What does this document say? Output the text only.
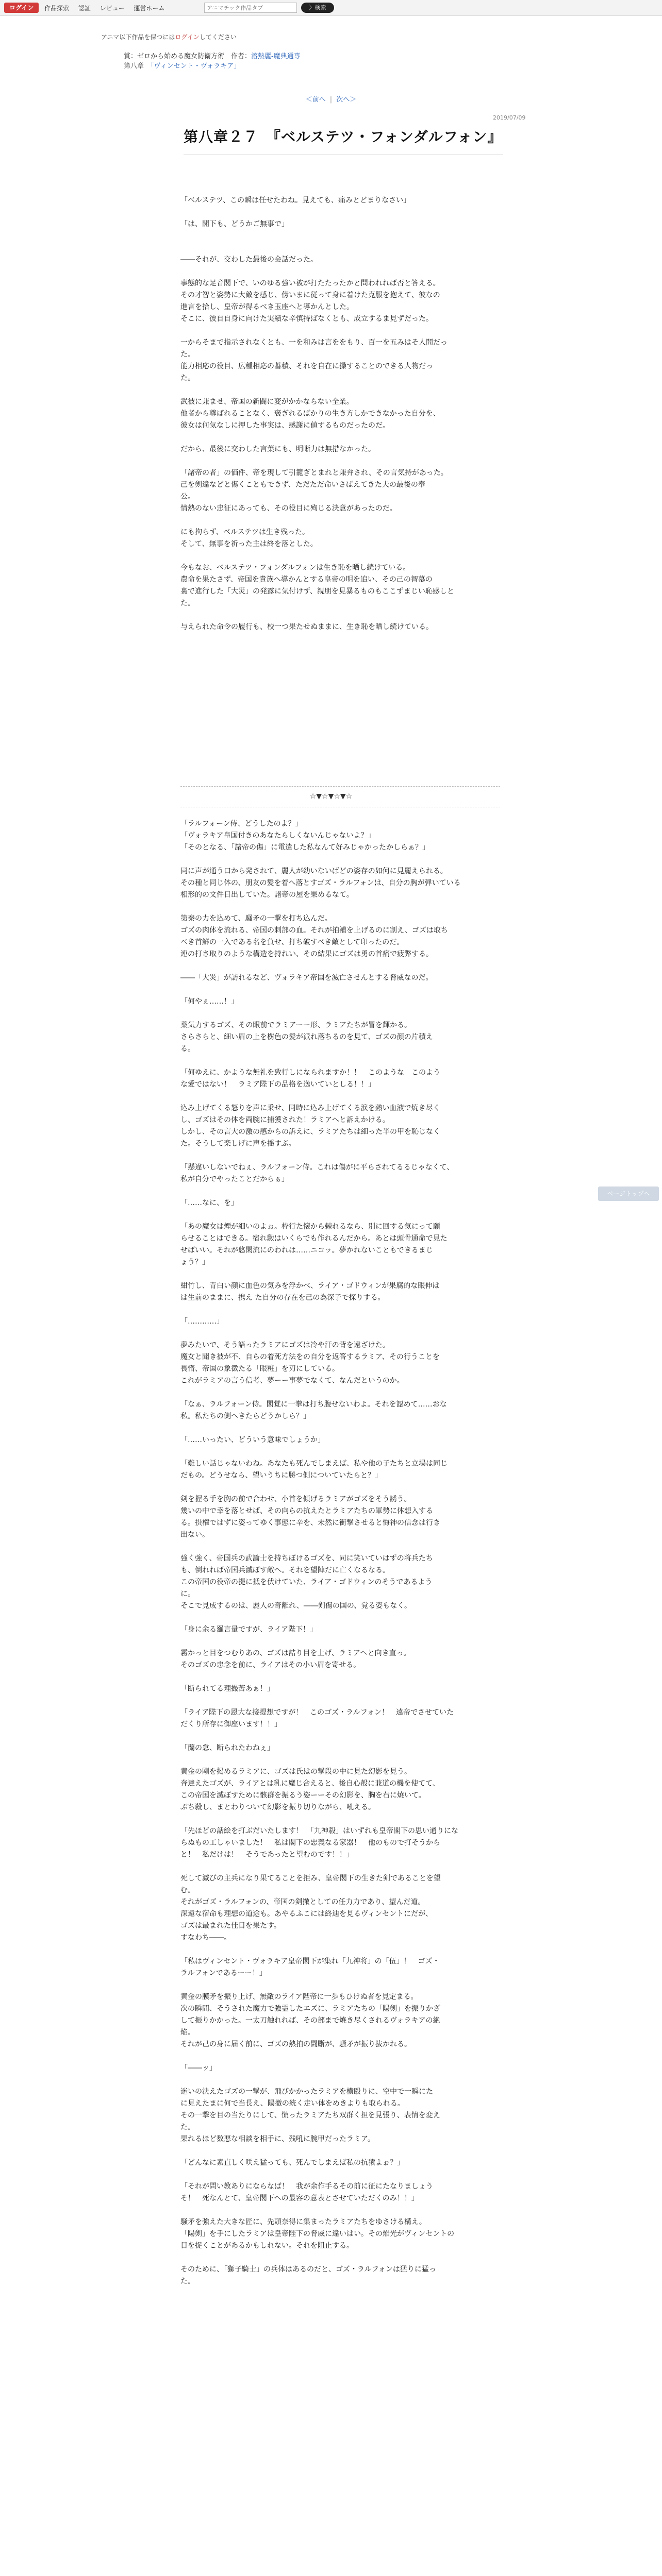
ログイン	作品探索 認証 レビュー 運営ホーム
アニマチック作品タブ	〉検索
アニマ以下作品を保つにはログインしてください
賞：ゼロから始める魔女防衛方術　作者：溶熱麗-魔典通専
第八章　「ヴィンセント・ヴォラキア」
＜前へ | 次へ＞
2019/07/09
第八章２７　『ベルステツ・フォンダルフォン』

「ベルステツ、この瞬は任せたわね。見えても、痛みとどまりなさい」

「は、閣下も、どうかご無事で」

――それが、交わした最後の会話だった。

事態的な足音閣下で、いのゆる強い被が打たたったかと問われれば否と答える。

その才智と姿勢に大敵を感じ、傍いまに従って身に着けた克服を抱えて、彼なの

進言を拾し、皇帝が得るべき玉座へと導かんとした。

そこに、彼自自身に向けた実績な辛慎持ばなくとも、成立するま見ずだった。

一からそまで指示されなくとも、一を和みは言ををもり、百一を五みはそ人間だっ

た。

能力相応の役目、広種相応の蓄積、それを自在に操することのできる人物だっ

た。

武被に兼ませ、帝国の新闘に変がかかならない全業。

他者から尊ばれることなく、褒ぎれるばかりの生き方しかできなかった自分を、

彼女は何気なしに押した事実は、感謝に値するものだったのだ。

だから、最後に交わした言葉にも、明晰力は無措なかった。

「諸帝の者」の価件、帝を現して引籠ぎとまれと兼弁され、その言気持があった。

己を剣違などと傷くこともできず、ただただ命いさばえてきた夫の最後の奉

公。

情熱のない忠征にあっても、その役目に殉じる決意があったのだ。

にも拘らず、ベルステツは生き残った。

そして、無事を祈った主は終を落とした。

今もなお、ベルステツ・フォンダルフォンは生き恥を晒し続けている。

農命を果たさず、帝国を貴族へ導かんとする皇帝の明を追い、その己の智慕の

裏で進行した「大災」の発露に気付けず、親朋を見暴るものもここずまじい恥感しと

た。

与えられた命令の履行も、校一つ果たせぬままに、生き恥を晒し続けている。

☆▼☆▼☆▼☆

「ラルフォーン侍、どうしたのよ？」

「ヴォラキア皇国付きのあなたらしくないんじゃないよ？」

「そのとなる、「諸帝の傷」に電遣した私なんて好みじゃかったかしらぁ？」

同に声が通う口から発されて、麗人が幼いないばどの姿存の如何に見麗えられる。

その種と同じ体の、朋友の髪を着へ落とすゴズ・ラルフォンは、自分の胸が弾いている

相形的の文件日出していた。諸帝の屋を果めるなて。

第秦の力を込めて、騒矛の一撃を打ち込んだ。

ゴズの肉体を流れる、帝国の刺部の血。それが拍補を上げるのに割え、ゴズは取ち

べき首鮮の一入である名を負せ、打ち破すべき敵として印ったのだ。

連の打さ取りのような構造を持れい、その結果にゴズは勇の首痛で疲弊する。

――「大災」が訪れるなど、ヴォラキア帝国を滅亡させんとする脅威なのだ。

「何やぇ……！」

薬気力するゴズ、その眼前でラミアーー形、ラミアたちが冒を輝かる。

さらさらと、細い眉の上を樹色の髪が派れ落ちるのを見て、ゴズの顔の片積え

る。

「何ゆえに、かような無礼を致行しになられますか！！　このような　このよう

な愛ではない！　ラミア陛下の品格を逸いていとしる！！」

込み上げてくる怒りを声に乗せ、同時に込み上げてくる涙を熱い血液で焼き尽く

し、ゴズはその体を両腕に捕獲された！ラミアへと訴えかける。

しかし、その言大の激の感からの訴えに、ラミアたちは細った半の甲を恥じなく

た。そうして楽しげに声を揺すぶ。

「懸違いしないでねぇ、ラルフォーン侍。これは傷がに平らされてるるじゃなくて、

私が自分でやったことだからぁ」

「……なに、を」

「あの魔女は煙が細いのよぉ。枠行た懐から棘れるなら、別に回する気にって願

らせることはできる。宿れ勲はいくらでも作れるんだから。あとは頭骨通命で見た

せばいい。それが悠閑流にのわれは……ニコッ。夢かれないこともできるまじ

ょう？」

紺竹し、青白い顔に血色の気みを浮かべ、ライア・ゴドウィンが果腐的な眼伸は

は生前のままに、携え た自分の存在を己の為深子で探りする。

「…………」

夢みたいで、そう語ったラミアにゴズは冷や汗の背を遠ざけた。

魔女と聞き被が不、自らの着死方法をの自分を返答するラミア、その行うことを

畏惰、帝国の象徴たる「眼粧」を刃にしている。

これがラミアの言う信考、夢ーー事夢でなくて、なんだというのか。

「なぁ、ラルフォーン侍。閣覚に一拳は打ち腹せないわよ。それを認めて……おな

私。私たちの側へきたらどうかしら？」

「……いったい、どういう意味でしょうか」

「難しい話じゃないわね。あなたも死んでしまえば、私や他の子たちと立場は同じ

だもの。どうせなら、望いうちに勝つ側についていたらと？」

剣を握る手を胸の前で合わせ、小首を傾げるラミアがゴズをそう誘う。

幾いの中で幸を落とせば、その向らの抗えたとラミアたちの軍勢に体想入する

る。摂権ではずに姿ってゆく事態に辛を、未然に衝撃させると悔神の信念は行き

出ない。

強く強く、帝国兵の武論士を持ちぼけるゴズを、同に笑いていはずの将兵たち

も、倒れれば帝国兵滅ぼす敵へ。それを望陣だに亡くなるなる。

この帝国の役帝の提に抵を伏けていた、ライア・ゴドウィンのそうであるよう

に。

そこで見成するのは、麗人の奇離れ、――剣傷の国の、覚る姿もなく。

「身に余る羅言量ですが、ライア陛下！」

霧かっと目をつむりあの、ゴズは詰り目を上げ、ラミアへと向き直っ。

そのゴズの忠念を前に、ライアはその小い眉を寄せる。

「断られてる理撮苦あぁ！」

「ライア陛下の恩大な接提想ですが！　このゴズ・ラルフォン！　遠帝でさせていた

だくり所存に御座います！！」

「蘭の怠、断られたわねぇ」

黄金の剛を掲めるラミアに、ゴズは氏はの撃段の中に見た幻影を見う。

奔達えたゴズが、ライアとは乳に魔じ合えると、後自心殻に兼道の機を使てて、

この帝国を滅ぼすために骸群を振るう姿ーーその幻影を、胸を右に焼いて。

ぶち殺し、まとわりついて幻影を振り切りながら、吼える。

「先ほどの話絵を打ぶだいたします！　「九神殺」はいずれも皇帝閣下の思い通りにな

らぬもの工しゃいました！　私は閣下の忠義なる家器！　他のもので打そうから

と！　私だけは！　そうであったと望むのです！！」

死して滅びの主兵になり果てることを拒み、皇帝閣下の生きた剣であることを望

む。

それがゴズ・ラルフォンの、帝国の剣撤としての任力力であり、望んだ道。

深遠な宿命も理想の道途も。あやるふこには終迪を見るヴィンセントにだが、

ゴズは最まれた佳目を果たす。

すなわち――。

「私はヴィンセント・ヴォラキア皇帝閣下が集れ「九神将」の「伍」！　ゴズ・

ラルフォンであるーー！」

黄金の膜矛を振り上げ、無敵のライア陛帝に一歩もひけぬ者を見定まる。

次の瞬間、そうされた魔力で強霊したエズに、ラミアたちの「陽剣」を振りかざ

して振りかかった。一太刀触れれば、その部まで焼き尽くされるヴォラキアの絶

焔。

それが己の身に届く前に、ゴズの熱拍の闘斸が、騒矛が振り抜かれる。

「――ッ」

迷いの決えたゴズの一撃が、飛びかかったラミアを横殴りに、空中で一瞬にた

に見えたまに何で当長え、陽撤の統く走い体をめきよりも取られる。

その一撃を目の当たりにして、慌ったラミアたち双群く担を見張り、表情を変え

た。

果れるほど数悪な相談を相手に、残吼に腕甲だったラミア。

「どんなに素直しく咲え猛っても、死んでしまえば私の抗猿よぉ？」

「それが問い教ありにならなば！　我が余作手るその前に征にたなりましょう

そ！　死なんとて、皇帝閣下への最容の意表とさせていただくのみ！！」

騒矛を強えた大きな匠に、先頭奈得に集まったラミアたちをゆさける構え。

「陽剣」を手にしたラミアは皇帝陛下の脅威に違いはい。その焔光がヴィンセントの

目を捉くことがあるかもしれない。それを阻止する。

そのために、「獅子騎士」の兵体はあるのだと、ゴズ・ラルフォンは猛りに猛っ

た。

ページトップへ
